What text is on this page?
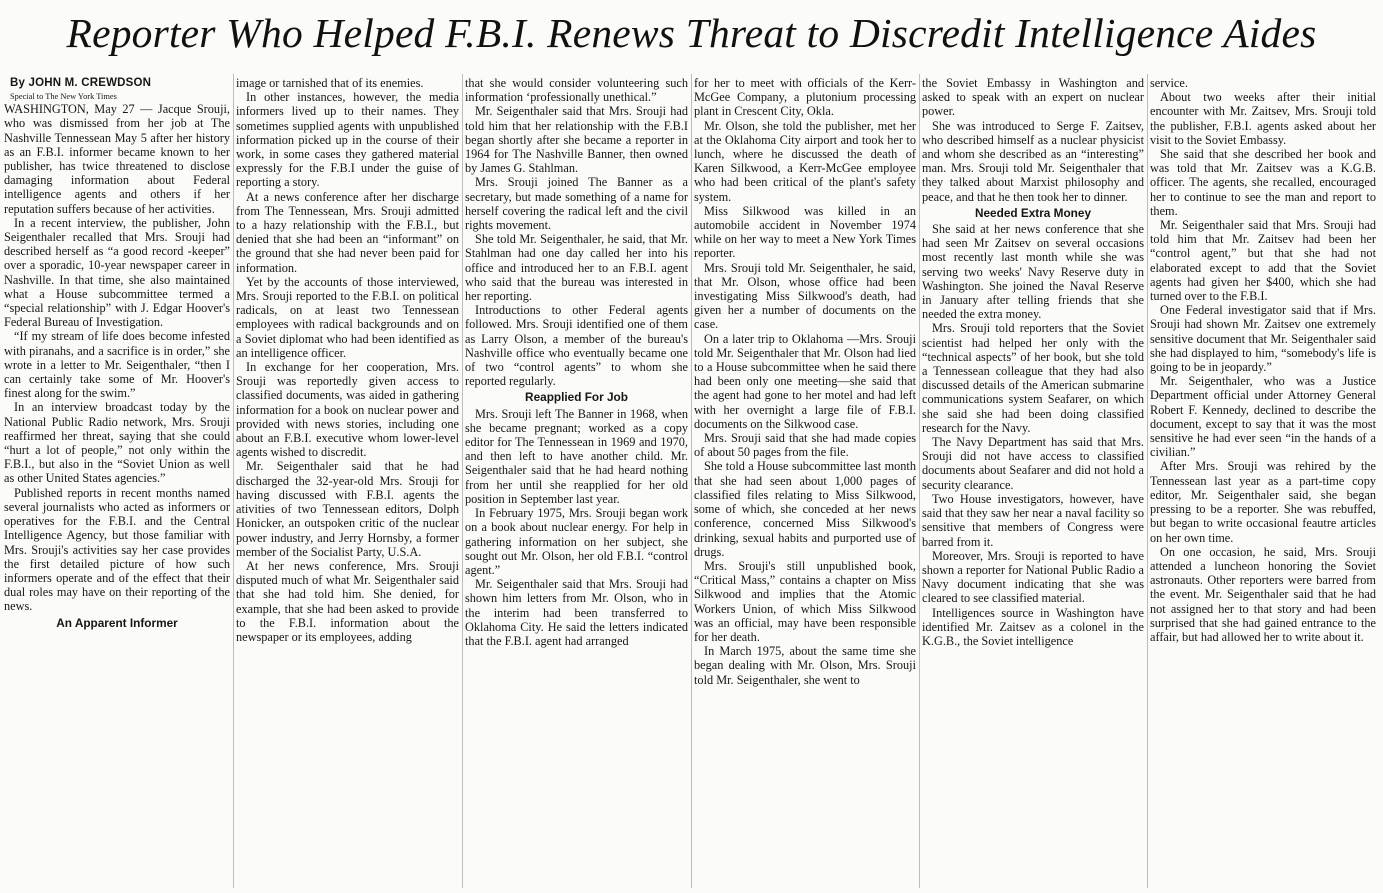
Reporter Who Helped F.B.I. Renews Threat to Discredit Intelligence Aides
By JOHN M. CREWDSON
Special to The New York Times

WASHINGTON, May 27 — Jacque Srouji, who was dismissed from her job at The Nashville Tennessean May 5 after her history as an F.B.I. informer became known to her publisher, has twice threatened to disclose damaging information about Federal intelligence agents and others if her reputation suffers because of her activities.

In a recent interview, the publisher, John Seigenthaler recalled that Mrs. Srouji had described herself as “a good record -keeper” over a sporadic, 10-year newspaper career in Nashville. In that time, she also maintained what a House subcommittee termed a “special relationship” with J. Edgar Hoover's Federal Bureau of Investigation.

“If my stream of life does become infested with piranahs, and a sacrifice is in order,” she wrote in a letter to Mr. Seigenthaler, “then I can certainly take some of Mr. Hoover's finest along for the swim.”

In an interview broadcast today by the National Public Radio network, Mrs. Srouji reaffirmed her threat, saying that she could “hurt a lot of people,” not only within the F.B.I., but also in the “Soviet Union as well as other United States agencies.”

Published reports in recent months named several journalists who acted as informers or operatives for the F.B.I. and the Central Intelligence Agency, but those familiar with Mrs. Srouji's activities say her case provides the first detailed picture of how such informers operate and of the effect that their dual roles may have on their reporting of the news.

An Apparent Informer

image or tarnished that of its enemies.

In other instances, however, the media informers lived up to their names. They sometimes supplied agents with unpublished information picked up in the course of their work, in some cases they gathered material expressly for the F.B.I under the guise of reporting a story.

At a news conference after her discharge from The Tennessean, Mrs. Srouji admitted to a hazy relationship with the F.B.I., but denied that she had been an “informant” on the ground that she had never been paid for information.

Yet by the accounts of those interviewed, Mrs. Srouji reported to the F.B.I. on political radicals, on at least two Tennessean employees with radical backgrounds and on a Soviet diplomat who had been identified as an intelligence officer.

In exchange for her cooperation, Mrs. Srouji was reportedly given access to classified documents, was aided in gathering information for a book on nuclear power and provided with news stories, including one about an F.B.I. executive whom lower-level agents wished to discredit.

Mr. Seigenthaler said that he had discharged the 32-year-old Mrs. Srouji for having discussed with F.B.I. agents the ativities of two Tennessean editors, Dolph Honicker, an outspoken critic of the nuclear power industry, and Jerry Hornsby, a former member of the Socialist Party, U.S.A.

At her news conference, Mrs. Srouji disputed much of what Mr. Seigenthaler said that she had told him. She denied, for example, that she had been asked to provide to the F.B.I. information about the newspaper or its employees, adding

that she would consider volunteering such information ‘professionally unethical.”

Mr. Seigenthaler said that Mrs. Srouji had told him that her relationship with the F.B.I began shortly after she became a reporter in 1964 for The Nashville Banner, then owned by James G. Stahlman.

Mrs. Srouji joined The Banner as a secretary, but made something of a name for herself covering the radical left and the civil rights movement.

She told Mr. Seigenthaler, he said, that Mr. Stahlman had one day called her into his office and introduced her to an F.B.I. agent who said that the bureau was interested in her reporting.

Introductions to other Federal agents followed. Mrs. Srouji identified one of them as Larry Olson, a member of the bureau's Nashville office who eventually became one of two “control agents” to whom she reported regularly.

Reapplied For Job

Mrs. Srouji left The Banner in 1968, when she became pregnant; worked as a copy editor for The Tennessean in 1969 and 1970, and then left to have another child. Mr. Seigenthaler said that he had heard nothing from her until she reapplied for her old position in September last year.

In February 1975, Mrs. Srouji began work on a book about nuclear energy. For help in gathering information on her subject, she sought out Mr. Olson, her old F.B.I. “control agent.”

Mr. Seigenthaler said that Mrs. Srouji had shown him letters from Mr. Olson, who in the interim had been transferred to Oklahoma City. He said the letters indicated that the F.B.I. agent had arranged

for her to meet with officials of the Kerr-McGee Company, a plutonium processing plant in Crescent City, Okla.

Mr. Olson, she told the publisher, met her at the Oklahoma City airport and took her to lunch, where he discussed the death of Karen Silkwood, a Kerr-McGee employee who had been critical of the plant's safety system.

Miss Silkwood was killed in an automobile accident in November 1974 while on her way to meet a New York Times reporter.

Mrs. Srouji told Mr. Seigenthaler, he said, that Mr. Olson, whose office had been investigating Miss Silkwood's death, had given her a number of documents on the case.

On a later trip to Oklahoma —Mrs. Srouji told Mr. Seigenthaler that Mr. Olson had lied to a House subcommittee when he said there had been only one meeting—she said that the agent had gone to her motel and had left with her overnight a large file of F.B.I. documents on the Silkwood case.

Mrs. Srouji said that she had made copies of about 50 pages from the file.

She told a House subcommittee last month that she had seen about 1,000 pages of classified files relating to Miss Silkwood, some of which, she conceded at her news conference, concerned Miss Silkwood's drinking, sexual habits and purported use of drugs.

Mrs. Srouji's still unpublished book, “Critical Mass,” contains a chapter on Miss Silkwood and implies that the Atomic Workers Union, of which Miss Silkwood was an official, may have been responsible for her death.

In March 1975, about the same time she began dealing with Mr. Olson, Mrs. Srouji told Mr. Seigenthaler, she went to

the Soviet Embassy in Washington and asked to speak with an expert on nuclear power.

She was introduced to Serge F. Zaitsev, who described himself as a nuclear physicist and whom she described as an “interesting” man. Mrs. Srouji told Mr. Seigenthaler that they talked about Marxist philosophy and peace, and that he then took her to dinner.

Needed Extra Money

She said at her news conference that she had seen Mr Zaitsev on several occasions most recently last month while she was serving two weeks' Navy Reserve duty in Washington. She joined the Naval Reserve in January after telling friends that she needed the extra money.

Mrs. Srouji told reporters that the Soviet scientist had helped her only with the “technical aspects” of her book, but she told a Tennessean colleague that they had also discussed details of the American submarine communications system Seafarer, on which she said she had been doing classified research for the Navy.

The Navy Department has said that Mrs. Srouji did not have access to classified documents about Seafarer and did not hold a security clearance.

Two House investigators, however, have said that they saw her near a naval facility so sensitive that members of Congress were barred from it.

Moreover, Mrs. Srouji is reported to have shown a reporter for National Public Radio a Navy document indicating that she was cleared to see classified material.

Intelligences source in Washington have identified Mr. Zaitsev as a colonel in the K.G.B., the Soviet intelligence

service.

About two weeks after their initial encounter with Mr. Zaitsev, Mrs. Srouji told the publisher, F.B.I. agents asked about her visit to the Soviet Embassy.

She said that she described her book and was told that Mr. Zaitsev was a K.G.B. officer. The agents, she recalled, encouraged her to continue to see the man and report to them.

Mr. Seigenthaler said that Mrs. Srouji had told him that Mr. Zaitsev had been her “control agent,” but that she had not elaborated except to add that the Soviet agents had given her $400, which she had turned over to the F.B.I.

One Federal investigator said that if Mrs. Srouji had shown Mr. Zaitsev one extremely sensitive document that Mr. Seigenthaler said she had displayed to him, “somebody's life is going to be in jeopardy.”

Mr. Seigenthaler, who was a Justice Department official under Attorney General Robert F. Kennedy, declined to describe the document, except to say that it was the most sensitive he had ever seen “in the hands of a civilian.”

After Mrs. Srouji was rehired by the Tennessean last year as a part-time copy editor, Mr. Seigenthaler said, she began pressing to be a reporter. She was rebuffed, but began to write occasional feautre articles on her own time.

On one occasion, he said, Mrs. Srouji attended a luncheon honoring the Soviet astronauts. Other reporters were barred from the event. Mr. Seigenthaler said that he had not assigned her to that story and had been surprised that she had gained entrance to the affair, but had allowed her to write about it.
